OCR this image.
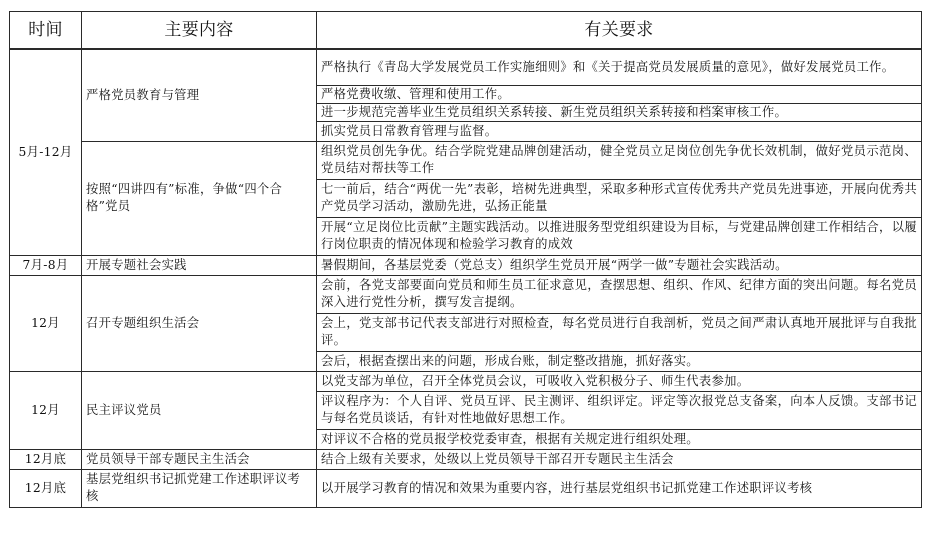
时间	主要内容	有关要求
5月-12月	严格党员教育与管理	严格执行《青岛大学发展党员工作实施细则》和《关于提高党员发展质量的意见》，做好发展党员工作。
		严格党费收缴、管理和使用工作。
		进一步规范完善毕业生党员组织关系转接、新生党员组织关系转接和档案审核工作。
		抓实党员日常教育管理与监督。
	按照“四讲四有”标准，争做“四个合格”党员	组织党员创先争优。结合学院党建品牌创建活动，健全党员立足岗位创先争优长效机制，做好党员示范岗、党员结对帮扶等工作
		七一前后，结合“两优一先”表彰，培树先进典型，采取多种形式宣传优秀共产党员先进事迹，开展向优秀共产党员学习活动，激励先进，弘扬正能量
		开展“立足岗位比贡献”主题实践活动。以推进服务型党组织建设为目标，与党建品牌创建工作相结合，以履行岗位职责的情况体现和检验学习教育的成效
7月-8月	开展专题社会实践	暑假期间，各基层党委（党总支）组织学生党员开展“两学一做”专题社会实践活动。
12月	召开专题组织生活会	会前，各党支部要面向党员和师生员工征求意见，查摆思想、组织、作风、纪律方面的突出问题。每名党员深入进行党性分析，撰写发言提纲。
		会上，党支部书记代表支部进行对照检查，每名党员进行自我剖析，党员之间严肃认真地开展批评与自我批评。
		会后，根据查摆出来的问题，形成台账，制定整改措施，抓好落实。
12月	民主评议党员	以党支部为单位，召开全体党员会议，可吸收入党积极分子、师生代表参加。
		评议程序为：个人自评、党员互评、民主测评、组织评定。评定等次报党总支备案，向本人反馈。支部书记与每名党员谈话，有针对性地做好思想工作。
		对评议不合格的党员报学校党委审查，根据有关规定进行组织处理。
12月底	党员领导干部专题民主生活会	结合上级有关要求，处级以上党员领导干部召开专题民主生活会
12月底	基层党组织书记抓党建工作述职评议考核	以开展学习教育的情况和效果为重要内容，进行基层党组织书记抓党建工作述职评议考核
